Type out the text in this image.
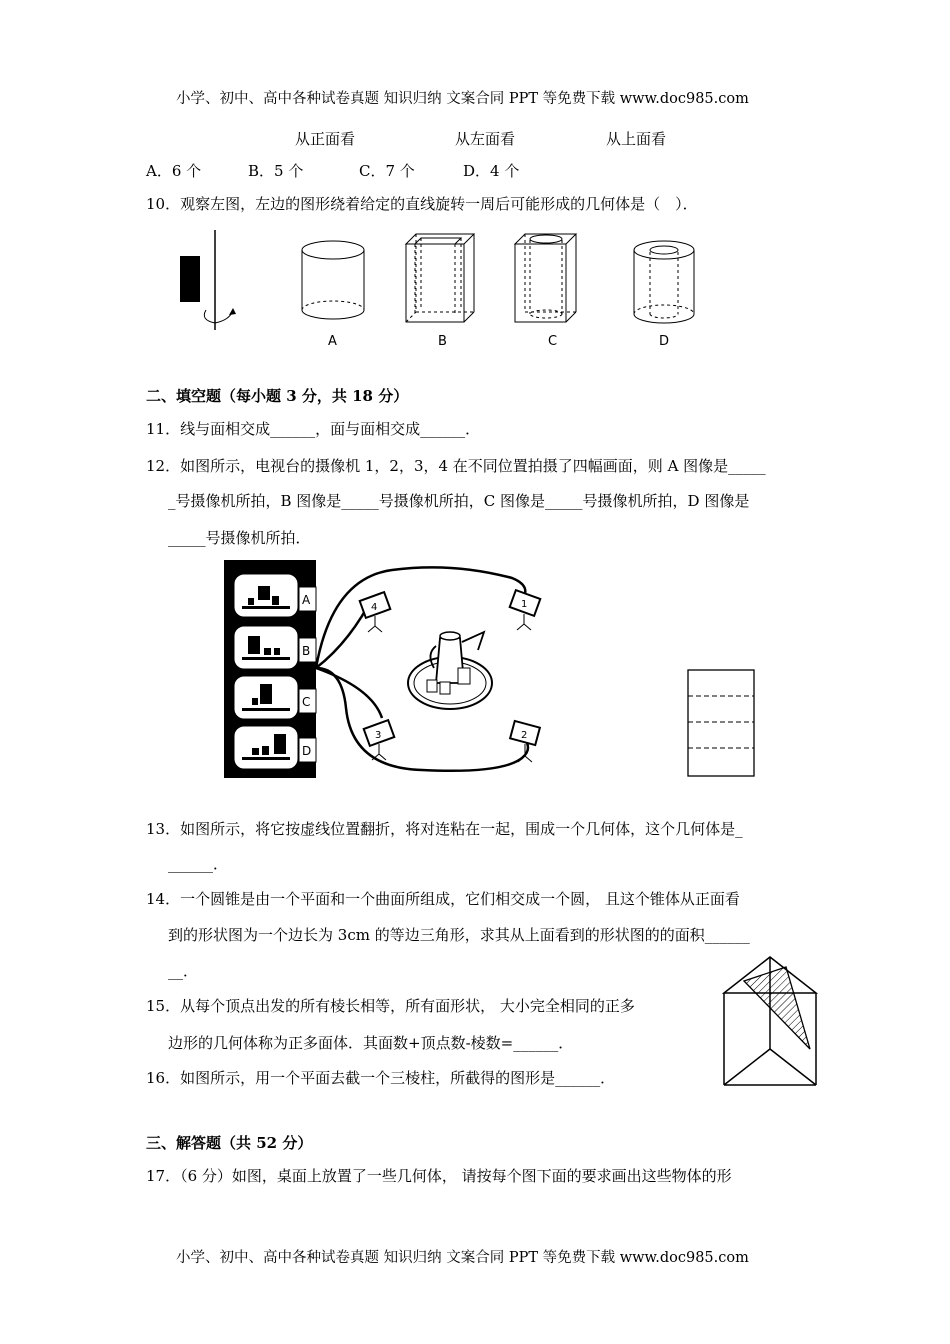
小学、初中、高中各种试卷真题 知识归纳 文案合同 PPT 等免费下载 www.doc985.com
从正面看	从左面看	从上面看
A．6 个	B．5 个	C．7 个	D．4 个
10．观察左图，左边的图形绕着给定的直线旋转一周后可能形成的几何体是（　）．
A	B	C	D
二、填空题（每小题 3 分，共 18 分）
11．线与面相交成______，面与面相交成______．
12．如图所示，电视台的摄像机 1，2，3，4 在不同位置拍摄了四幅画面，则 A 图像是_____
_号摄像机所拍，B 图像是_____号摄像机所拍，C 图像是_____号摄像机所拍，D 图像是
_____号摄像机所拍．
A
B
C
D
4	1
3	2
13．如图所示，将它按虚线位置翻折，将对连粘在一起，围成一个几何体，这个几何体是_
______．
14．一个圆锥是由一个平面和一个曲面所组成，它们相交成一个圆， 且这个锥体从正面看
到的形状图为一个边长为 3cm 的等边三角形，求其从上面看到的形状图的的面积______
__．
15．从每个顶点出发的所有棱长相等，所有面形状， 大小完全相同的正多
边形的几何体称为正多面体．其面数+顶点数-棱数=______．
16．如图所示，用一个平面去截一个三棱柱，所截得的图形是______．
三、解答题（共 52 分）
17．（6 分）如图，桌面上放置了一些几何体， 请按每个图下面的要求画出这些物体的形
小学、初中、高中各种试卷真题 知识归纳 文案合同 PPT 等免费下载 www.doc985.com
